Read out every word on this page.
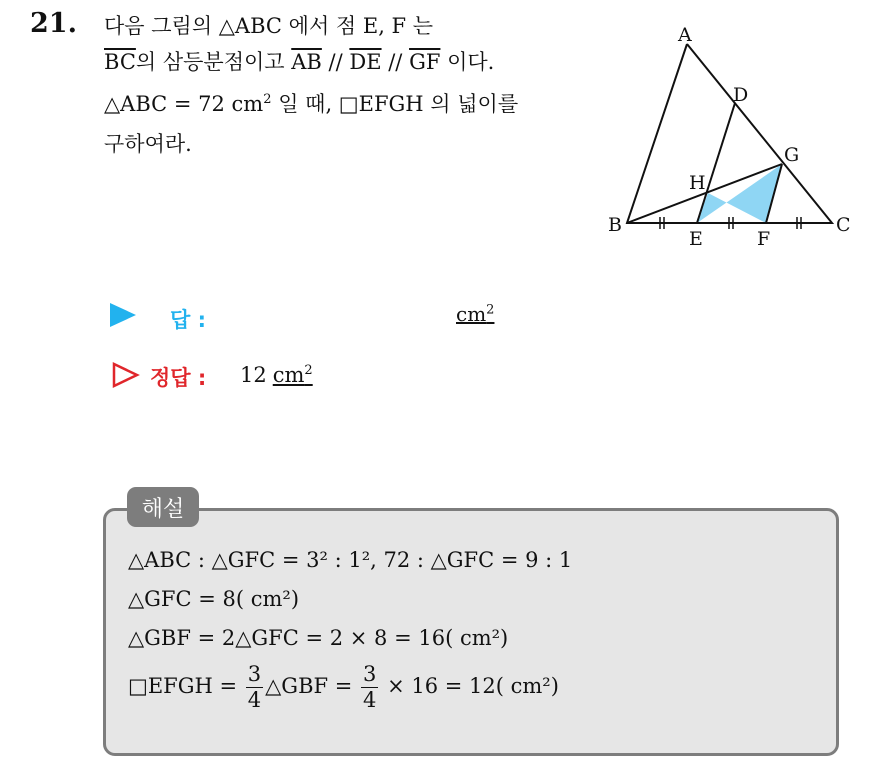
21. 다음 그림의 △ABC 에서 점 E, F 는
$\overline{BC}$의 삼등분점이고 $\overline{AB} // \overline{DE} // \overline{GF}$ 이다.
△ABC = 72 $cm^2$ 일 때, □EFGH 의 넓이를
구하여라.
A
B	C
D
E	F
G
H
답 :	$cm^2$
정답 : 12 $cm^2$
해설
△ABC : △GFC = 3² : 1², 72 : △GFC = 9 : 1
△GFC = 8( cm²)
△GBF = 2△GFC = 2 × 8 = 16( cm²)
□EFGH = $\frac{3}{4}$ △GBF = $\frac{3}{4} \times 16 = 12$( cm²)
